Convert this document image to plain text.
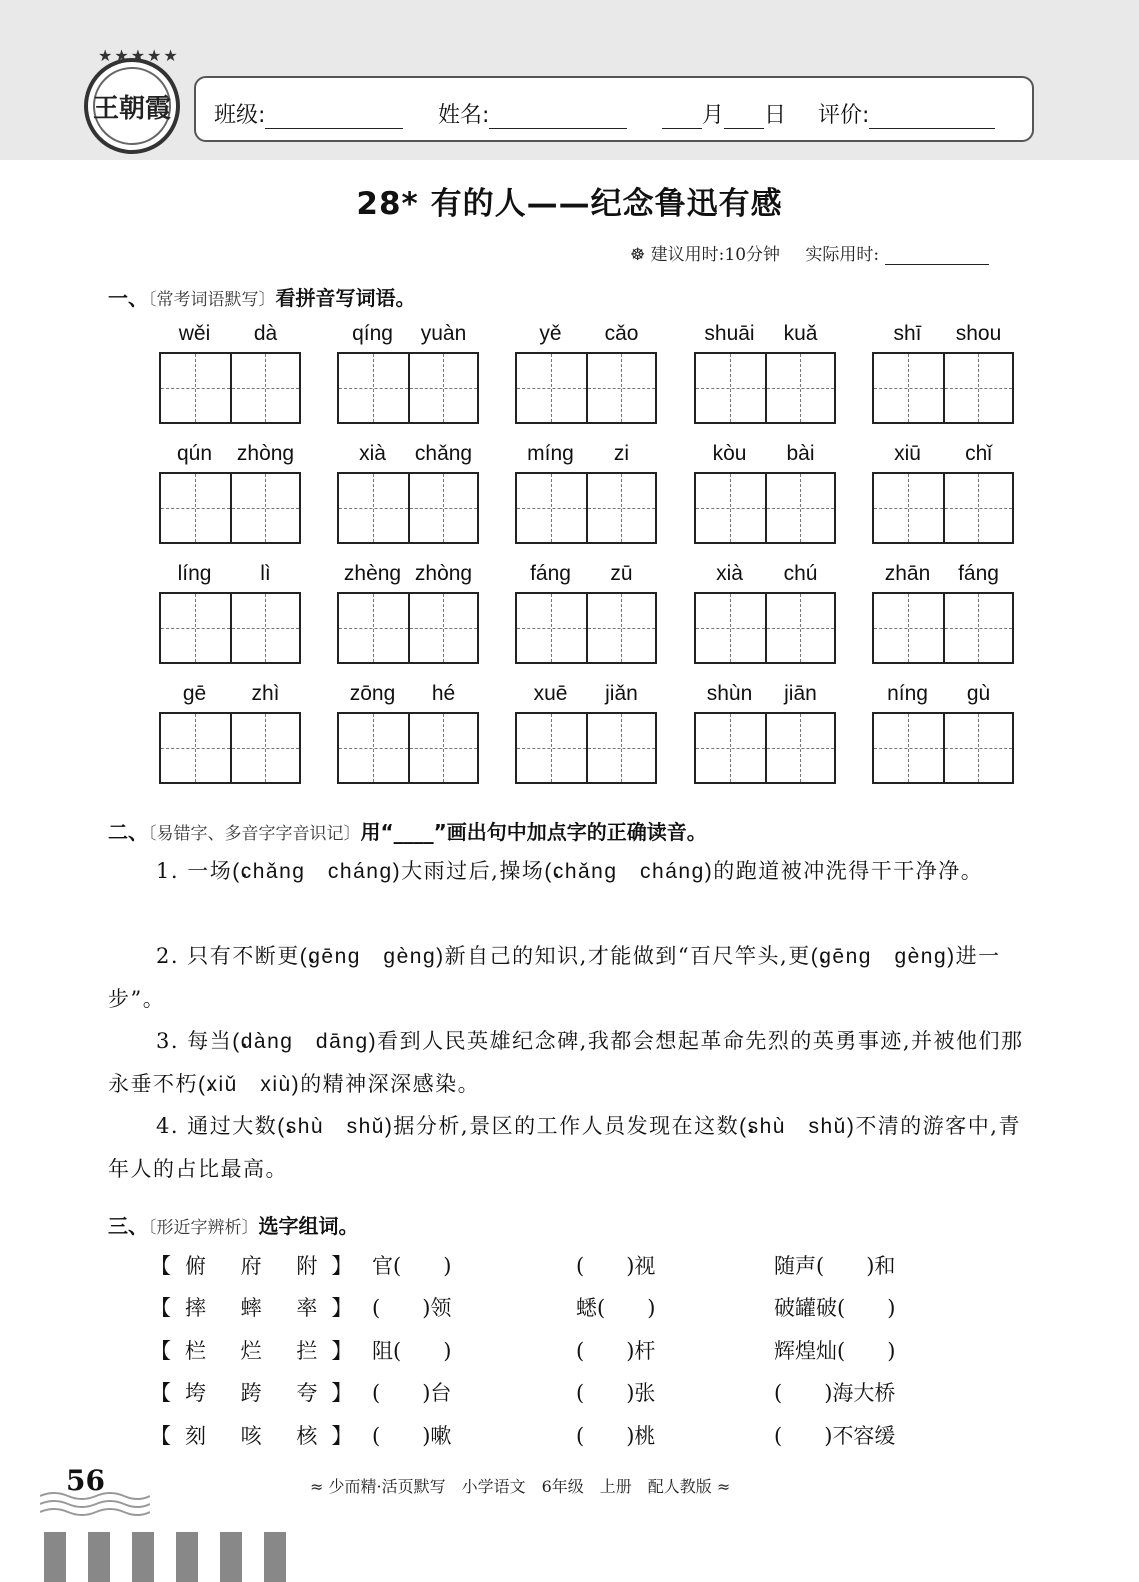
★★★★★
王朝霞 班级:	姓名:	月 日 评价:
28* 有的人——纪念鲁迅有感
☸ 建议用时:10分钟 实际用时:
一、〔常考词语默写〕看拼音写词语。
wěi	dà	qíng	yuàn	yě	cǎo	shuāi	kuǎ	shī	shou
qún	zhòng	xià	chǎng	míng	zi	kòu	bài	xiū	chǐ
líng	lì	zhèng zhòng	fáng	zū	xià	chú	zhān	fáng
gē	zhì	zōng	hé	xuē	jiǎn	shùn	jiān	níng	gù
二、〔易错字、多音字字音识记〕用“____”画出句中加点字的正确读音。
1. 一场 •(chǎng　cháng)大雨过后,操场 •(chǎng　cháng)的跑道被冲洗得干干净净。
2. 只有不断更 •(gēng　gèng)新自己的知识,才能做到“百尺竿头,更 •(gēng　gèng)进一步”。
3. 每当 •(dàng　dāng)看到人民英雄纪念碑,我都会想起革命先烈的英勇事迹,并被他们那永垂不朽 •(xiǔ　xiù)的精神深深感染。
4. 通过大数 •(shù　shǔ)据分析,景区的工作人员发现在这数 •(shù　shǔ)不清的游客中,青年人的占比最高。
三、〔形近字辨析〕选字组词。
【俯 府 附】 官(　　)	(　　)视	随声(　　)和
【摔 蟀 率】 (　　)领	蟋(　　)	破罐破(　　)
【栏 烂 拦】 阻(　　)	(　　)杆	辉煌灿(　　)
【垮 跨 夸】 (　　)台	(　　)张	(　　)海大桥
【刻 咳 核】 (　　)嗽	(　　)桃	(　　)不容缓
56	≈ 少而精·活页默写　小学语文　6年级　上册　配人教版 ≈
